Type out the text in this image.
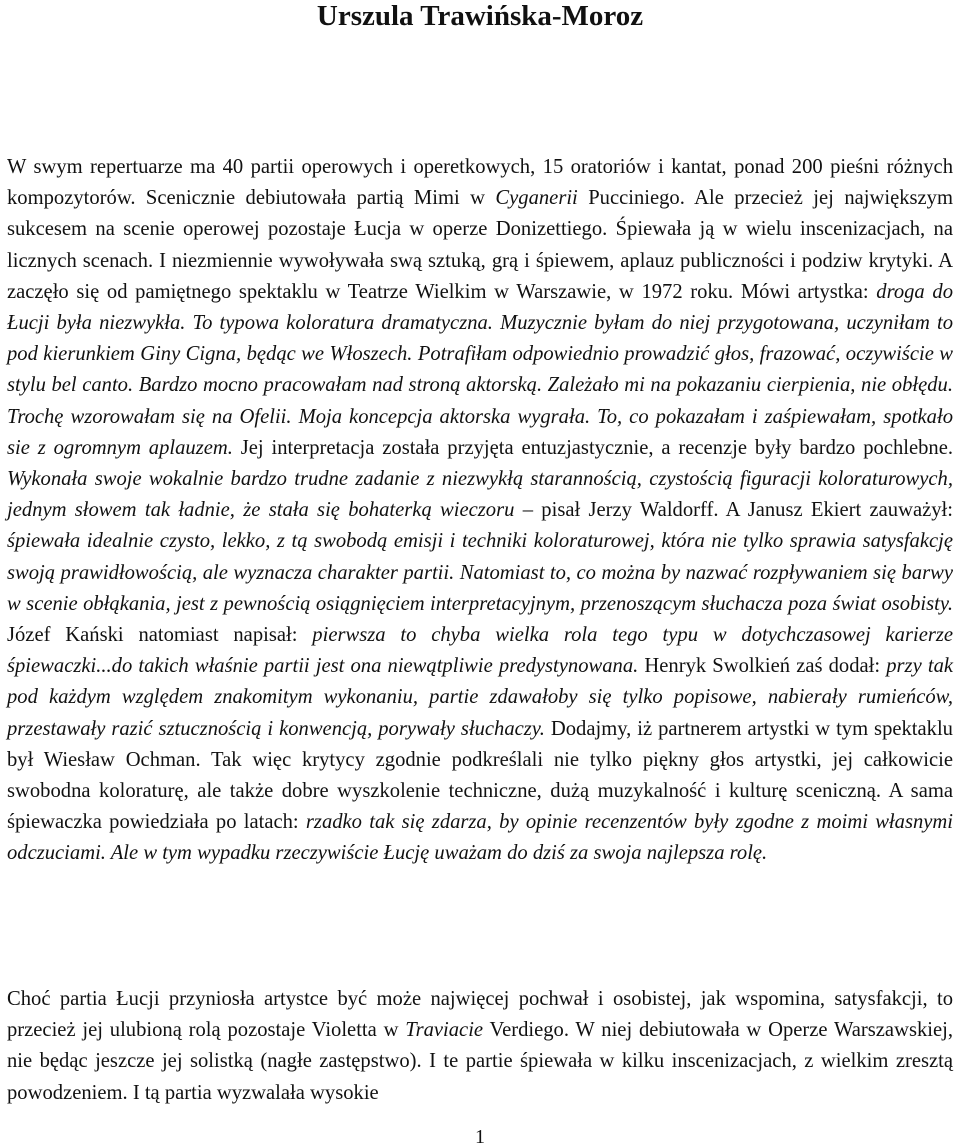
Urszula Trawińska-Moroz

W swym repertuarze ma 40 partii operowych i operetkowych, 15 oratoriów i kantat, ponad 200 pieśni różnych kompozytorów. Scenicznie debiutowała partią Mimi w Cyganerii Pucciniego. Ale przecież jej największym sukcesem na scenie operowej pozostaje Łucja w operze Donizettiego. Śpiewała ją w wielu inscenizacjach, na licznych scenach. I niezmiennie wywoływała swą sztuką, grą i śpiewem, aplauz publiczności i podziw krytyki. A zaczęło się od pamiętnego spektaklu w Teatrze Wielkim w Warszawie, w 1972 roku. Mówi artystka: droga do Łucji była niezwykła. To typowa koloratura dramatyczna. Muzycznie byłam do niej przygotowana, uczyniłam to pod kierunkiem Giny Cigna, będąc we Włoszech. Potrafiłam odpowiednio prowadzić głos, frazować, oczywiście w stylu bel canto. Bardzo mocno pracowałam nad stroną aktorską. Zależało mi na pokazaniu cierpienia, nie obłędu. Trochę wzorowałam się na Ofelii. Moja koncepcja aktorska wygrała. To, co pokazałam i zaśpiewałam, spotkało sie z ogromnym aplauzem. Jej interpretacja została przyjęta entuzjastycznie, a recenzje były bardzo pochlebne. Wykonała swoje wokalnie bardzo trudne zadanie z niezwykłą starannością, czystością figuracji koloraturowych, jednym słowem tak ładnie, że stała się bohaterką wieczoru – pisał Jerzy Waldorff. A Janusz Ekiert zauważył: śpiewała idealnie czysto, lekko, z tą swobodą emisji i techniki koloraturowej, która nie tylko sprawia satysfakcję swoją prawidłowością, ale wyznacza charakter partii. Natomiast to, co można by nazwać rozpływaniem się barwy w scenie obłąkania, jest z pewnością osiągnięciem interpretacyjnym, przenoszącym słuchacza poza świat osobisty. Józef Kański natomiast napisał: pierwsza to chyba wielka rola tego typu w dotychczasowej karierze śpiewaczki...do takich właśnie partii jest ona niewątpliwie predystynowana. Henryk Swolkień zaś dodał: przy tak pod każdym względem znakomitym wykonaniu, partie zdawałoby się tylko popisowe, nabierały rumieńców, przestawały razić sztucznością i konwencją, porywały słuchaczy. Dodajmy, iż partnerem artystki w tym spektaklu był Wiesław Ochman. Tak więc krytycy zgodnie podkreślali nie tylko piękny głos artystki, jej całkowicie swobodna koloraturę, ale także dobre wyszkolenie techniczne, dużą muzykalność i kulturę sceniczną. A sama śpiewaczka powiedziała po latach: rzadko tak się zdarza, by opinie recenzentów były zgodne z moimi własnymi odczuciami. Ale w tym wypadku rzeczywiście Łucję uważam do dziś za swoja najlepsza rolę.

Choć partia Łucji przyniosła artystce być może najwięcej pochwał i osobistej, jak wspomina, satysfakcji, to przecież jej ulubioną rolą pozostaje Violetta w Traviacie Verdiego. W niej debiutowała w Operze Warszawskiej, nie będąc jeszcze jej solistką (nagłe zastępstwo). I te partie śpiewała w kilku inscenizacjach, z wielkim zresztą powodzeniem. I tą partia wyzwalała wysokie

1
